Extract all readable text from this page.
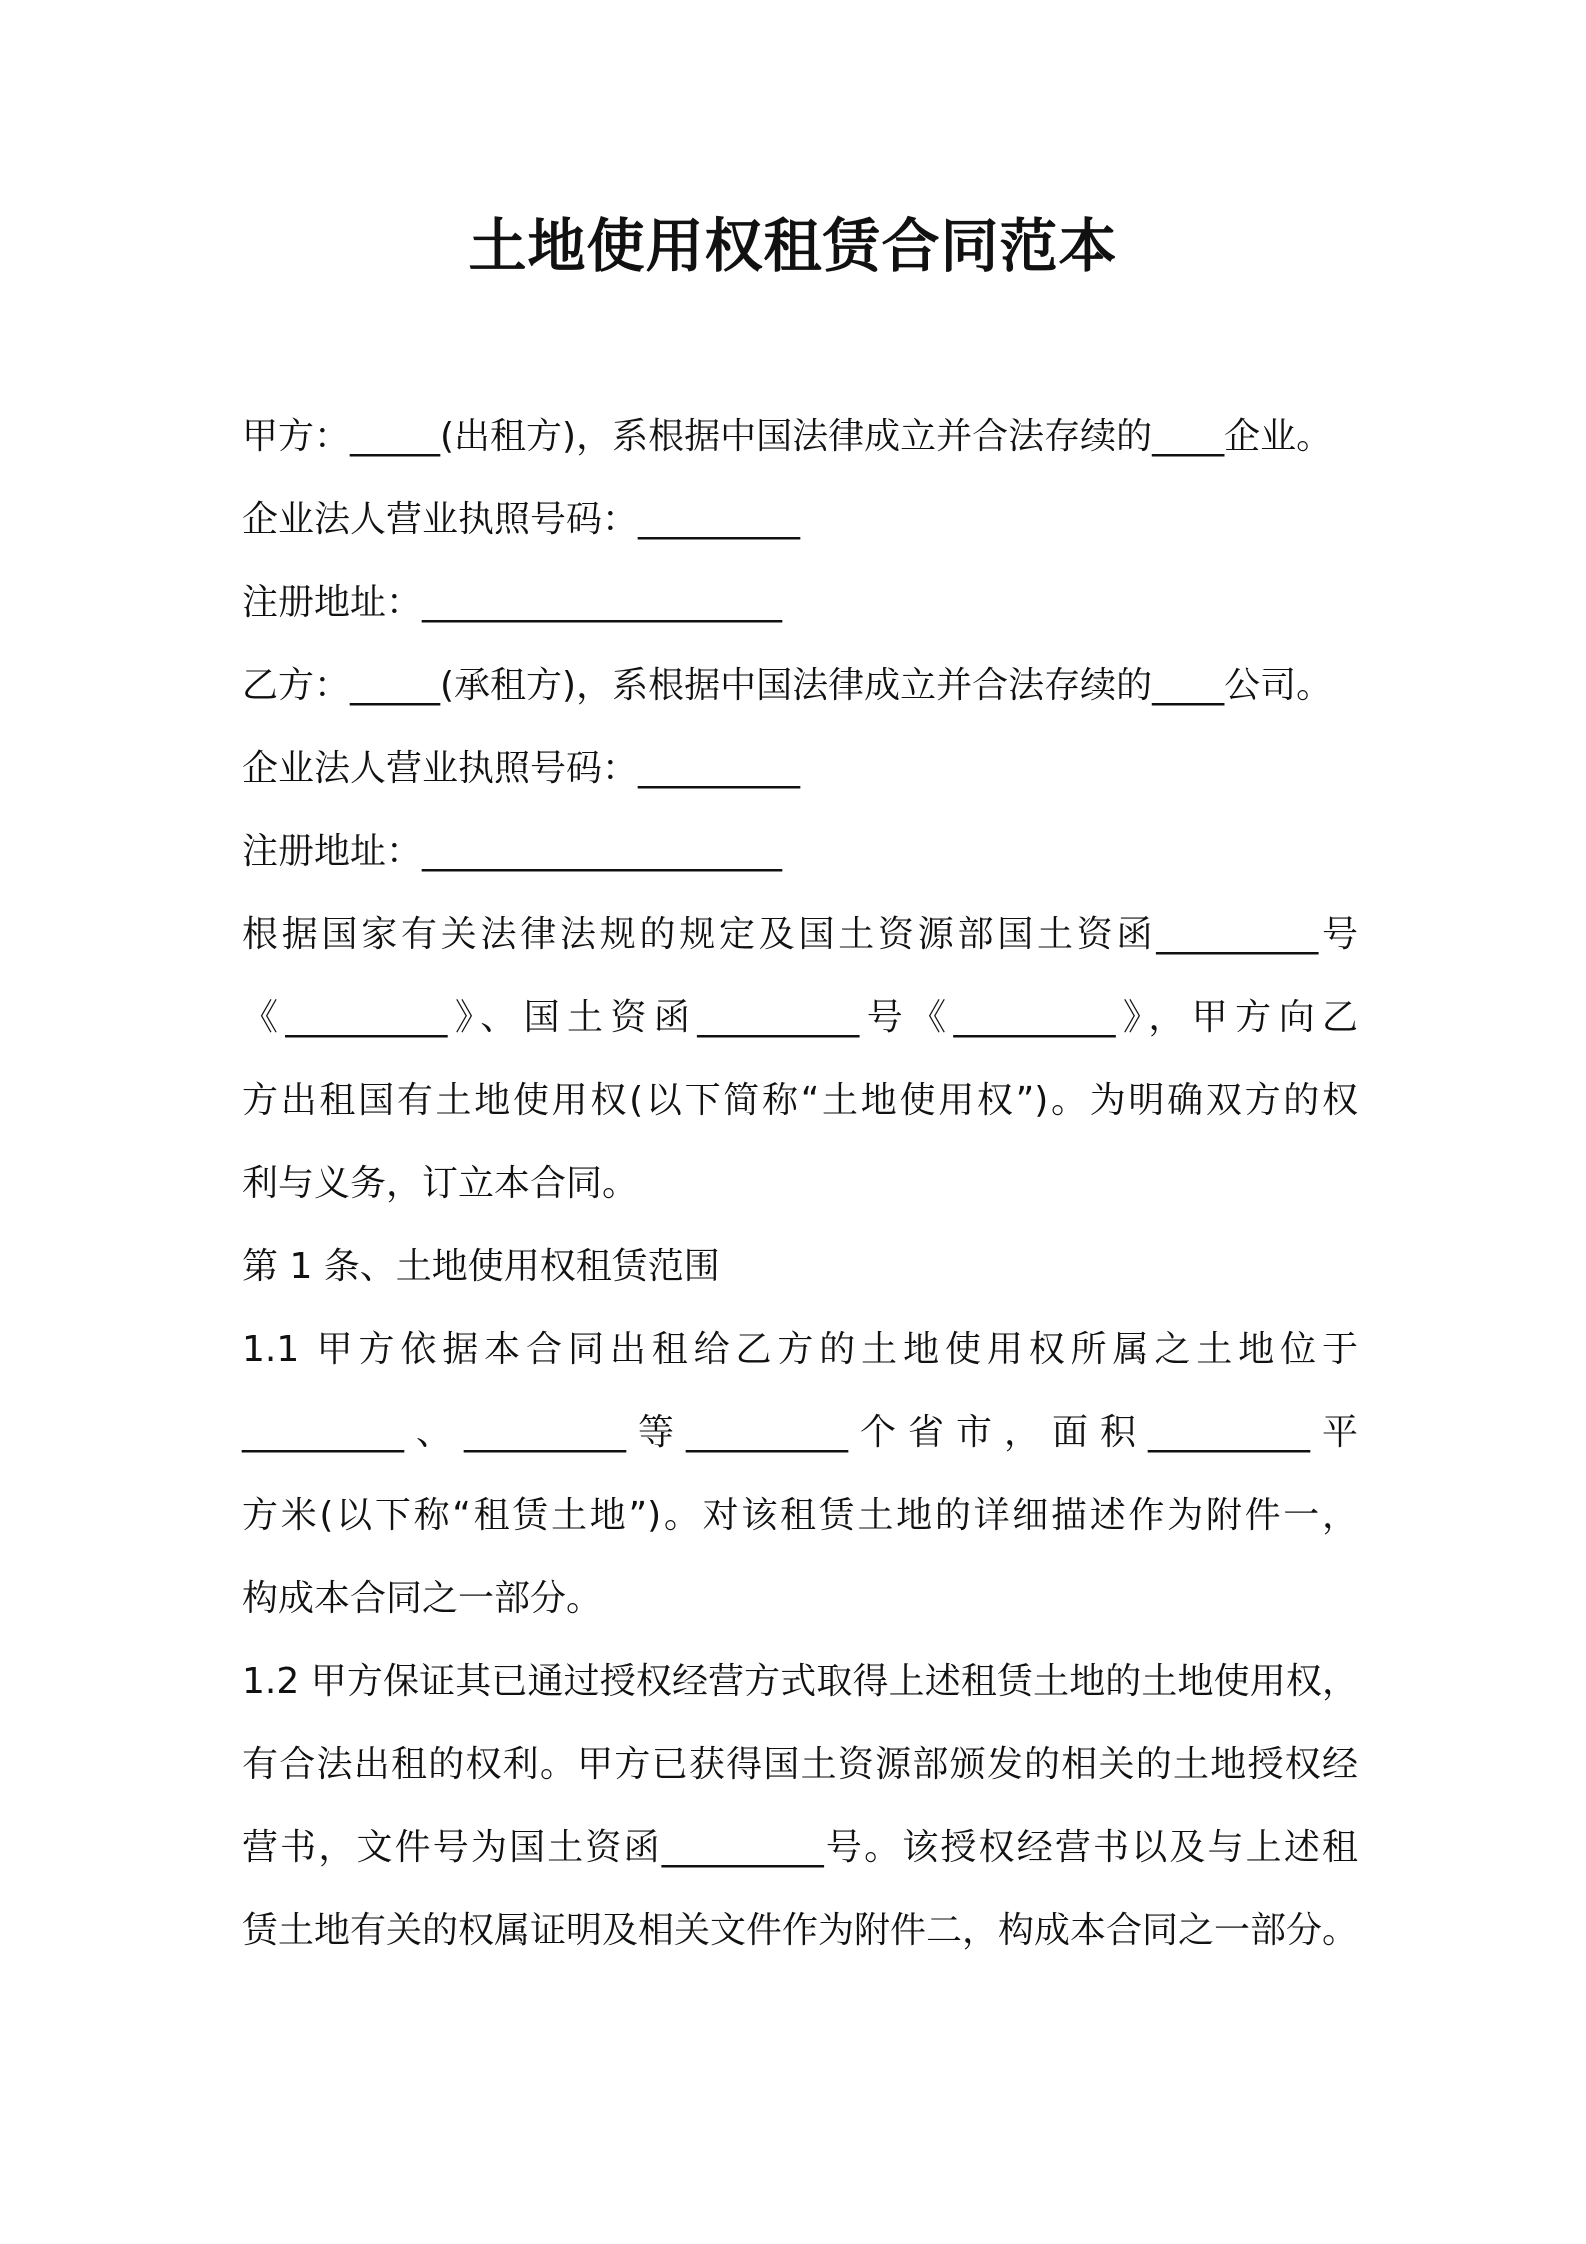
土地使用权租赁合同范本
甲方：_____(出租方)，系根据中国法律成立并合法存续的____企业。
企业法人营业执照号码：_________
注册地址：____________________
乙方：_____(承租方)，系根据中国法律成立并合法存续的____公司。
企业法人营业执照号码：_________
注册地址：____________________
根据国家有关法律法规的规定及国土资源部国土资函_________号
《_________》、国土资函_________号《_________》，甲方向乙
方出租国有土地使用权(以下简称“土地使用权”)。为明确双方的权
利与义务，订立本合同。
第 1 条、土地使用权租赁范围
1.1 甲方依据本合同出租给乙方的土地使用权所属之土地位于
_________、_________等_________个省市，面积_________平
方米(以下称“租赁土地”)。对该租赁土地的详细描述作为附件一，
构成本合同之一部分。
1.2 甲方保证其已通过授权经营方式取得上述租赁土地的土地使用权，
有合法出租的权利。甲方已获得国土资源部颁发的相关的土地授权经
营书，文件号为国土资函_________号。该授权经营书以及与上述租
赁土地有关的权属证明及相关文件作为附件二，构成本合同之一部分。
